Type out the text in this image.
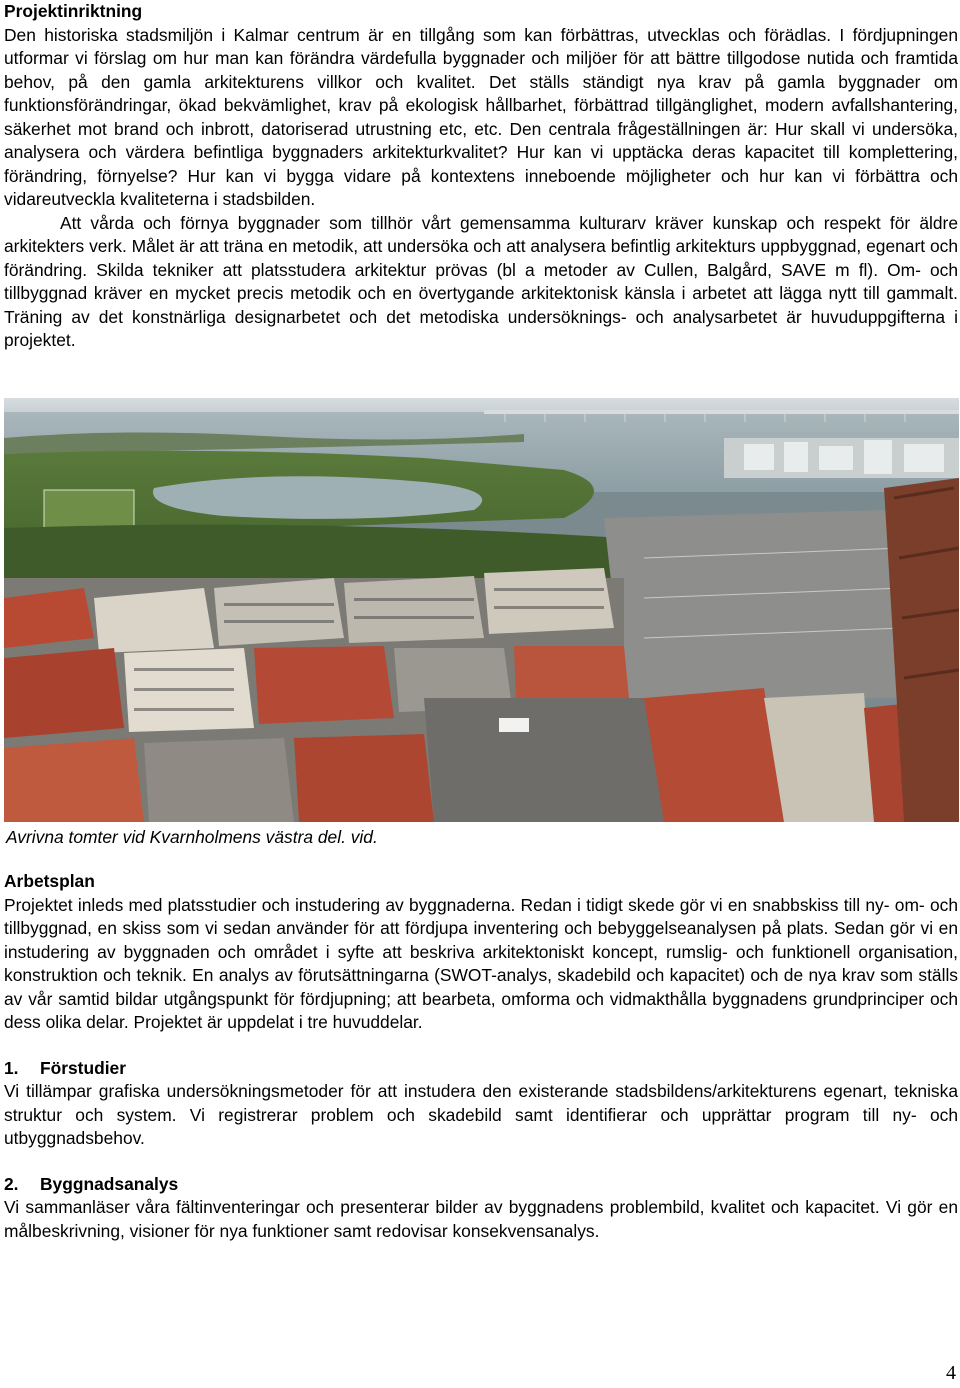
Projektinriktning

Den historiska stadsmiljön i Kalmar centrum är en tillgång som kan förbättras, utvecklas och förädlas. I fördjupningen utformar vi förslag om hur man kan förändra värdefulla byggnader och miljöer för att bättre tillgodose nutida och framtida behov, på den gamla arkitekturens villkor och kvalitet. Det ställs ständigt nya krav på gamla byggnader om funktionsförändringar, ökad bekvämlighet, krav på ekologisk hållbarhet, förbättrad tillgänglighet, modern avfallshantering, säkerhet mot brand och inbrott, datoriserad utrustning etc, etc. Den centrala frågeställningen är: Hur skall vi undersöka, analysera och värdera befintliga byggnaders arkitekturkvalitet? Hur kan vi upptäcka deras kapacitet till komplettering, förändring, förnyelse? Hur kan vi bygga vidare på kontextens inneboende möjligheter och hur kan vi förbättra och vidareutveckla kvaliteterna i stadsbilden.

Att vårda och förnya byggnader som tillhör vårt gemensamma kulturarv kräver kunskap och respekt för äldre arkitekters verk. Målet är att träna en metodik, att undersöka och att analysera befintlig arkitekturs uppbyggnad, egenart och förändring. Skilda tekniker att platsstudera arkitektur prövas (bl a metoder av Cullen, Balgård, SAVE m fl). Om- och tillbyggnad kräver en mycket precis metodik och en övertygande arkitektonisk känsla i arbetet att lägga nytt till gammalt. Träning av det konstnärliga designarbetet och det metodiska undersöknings- och analysarbetet är huvuduppgifterna i projektet.

Avrivna tomter vid Kvarnholmens västra del. vid.

Arbetsplan

Projektet inleds med platsstudier och instudering av byggnaderna. Redan i tidigt skede gör vi en snabbskiss till ny- om- och tillbyggnad, en skiss som vi sedan använder för att fördjupa inventering och bebyggelseanalysen på plats. Sedan gör vi en instudering av byggnaden och området i syfte att beskriva arkitektoniskt koncept, rumslig- och funktionell organisation, konstruktion och teknik. En analys av förutsättningarna (SWOT-analys, skadebild och kapacitet) och de nya krav som ställs av vår samtid bildar utgångspunkt för fördjupning; att bearbeta, omforma och vidmakthålla byggnadens grundprinciper och dess olika delar. Projektet är uppdelat i tre huvuddelar.

1. Förstudier

Vi tillämpar grafiska undersökningsmetoder för att instudera den existerande stadsbildens/arkitekturens egenart, tekniska struktur och system. Vi registrerar problem och skadebild samt identifierar och upprättar program till ny- och utbyggnadsbehov.

2. Byggnadsanalys

Vi sammanläser våra fältinventeringar och presenterar bilder av byggnadens problembild, kvalitet och kapacitet. Vi gör en målbeskrivning, visioner för nya funktioner samt redovisar konsekvensanalys.

4
